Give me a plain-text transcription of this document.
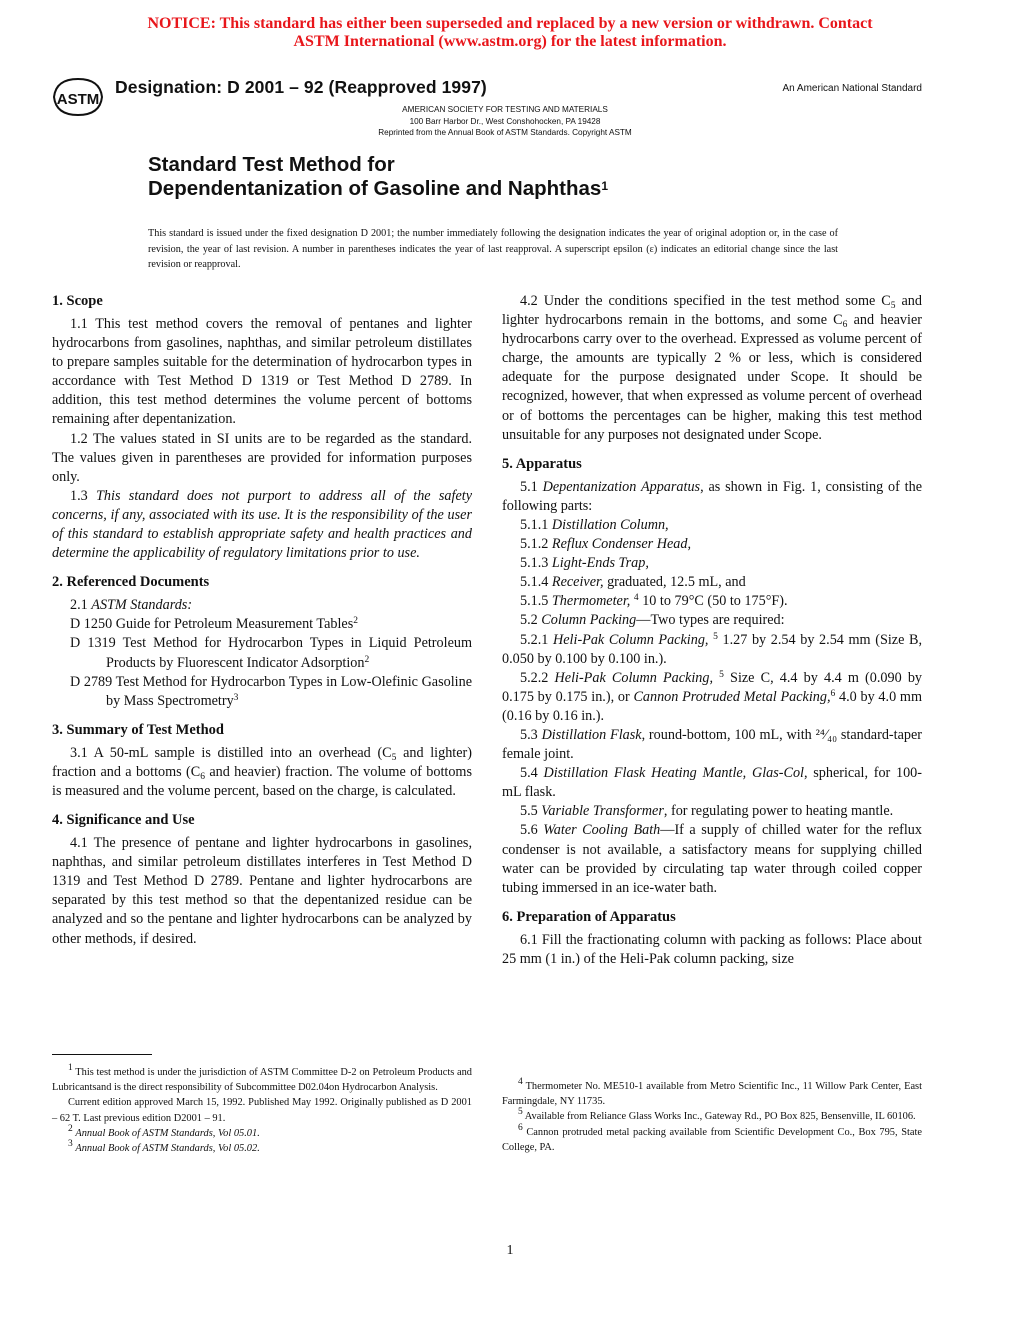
NOTICE: This standard has either been superseded and replaced by a new version or withdrawn. Contact
ASTM International (www.astm.org) for the latest information.
ASTM
Designation: D 2001 – 92 (Reapproved 1997)	An American National Standard
AMERICAN SOCIETY FOR TESTING AND MATERIALS
100 Barr Harbor Dr., West Conshohocken, PA 19428
Reprinted from the Annual Book of ASTM Standards. Copyright ASTM
Standard Test Method for
Dependentanization of Gasoline and Naphthas$^1$
This standard is issued under the fixed designation D 2001; the number immediately following the designation indicates the year of original adoption or, in the case of revision, the year of last revision. A number in parentheses indicates the year of last reapproval. A superscript epsilon (ε) indicates an editorial change since the last revision or reapproval.
1. Scope

1.1 This test method covers the removal of pentanes and lighter hydrocarbons from gasolines, naphthas, and similar petroleum distillates to prepare samples suitable for the determination of hydrocarbon types in accordance with Test Method D 1319 or Test Method D 2789. In addition, this test method determines the volume percent of bottoms remaining after depentanization.

1.2 The values stated in SI units are to be regarded as the standard. The values given in parentheses are provided for information purposes only.

1.3 This standard does not purport to address all of the safety concerns, if any, associated with its use. It is the responsibility of the user of this standard to establish appropriate safety and health practices and determine the applicability of regulatory limitations prior to use.

2. Referenced Documents

2.1 ASTM Standards:

D 1250 Guide for Petroleum Measurement Tables$^2$

D 1319 Test Method for Hydrocarbon Types in Liquid Petroleum Products by Fluorescent Indicator Adsorption$^2$

D 2789 Test Method for Hydrocarbon Types in Low-Olefinic Gasoline by Mass Spectrometry$^3$

3. Summary of Test Method

3.1 A 50-mL sample is distilled into an overhead ($C_5$ and lighter) fraction and a bottoms ($C_6$ and heavier) fraction. The volume of bottoms is measured and the volume percent, based on the charge, is calculated.

4. Significance and Use

4.1 The presence of pentane and lighter hydrocarbons in gasolines, naphthas, and similar petroleum distillates interferes in Test Method D 1319 and Test Method D 2789. Pentane and lighter hydrocarbons are separated by this test method so that the depentanized residue can be analyzed and so the pentane and lighter hydrocarbons can be analyzed by other methods, if desired.

4.2 Under the conditions specified in the test method some $C_5$ and lighter hydrocarbons remain in the bottoms, and some $C_6$ and heavier hydrocarbons carry over to the overhead. Expressed as volume percent of charge, the amounts are typically 2 % or less, which is considered adequate for the purpose designated under Scope. It should be recognized, however, that when expressed as volume percent of overhead or of bottoms the percentages can be higher, making this test method unsuitable for any purposes not designated under Scope.

5. Apparatus

5.1 Depentanization Apparatus, as shown in Fig. 1, consisting of the following parts:

5.1.1 Distillation Column,

5.1.2 Reflux Condenser Head,

5.1.3 Light-Ends Trap,

5.1.4 Receiver, graduated, 12.5 mL, and

5.1.5 Thermometer, $^4$ 10 to 79°C (50 to 175°F).

5.2 Column Packing—Two types are required:

5.2.1 Heli-Pak Column Packing, $^5$ 1.27 by 2.54 by 2.54 mm (Size B, 0.050 by 0.100 by 0.100 in.).

5.2.2 Heli-Pak Column Packing, $^5$ Size C, 4.4 by 4.4 m (0.090 by 0.175 by 0.175 in.), or Cannon Protruded Metal Packing,$^6$ 4.0 by 4.0 mm (0.16 by 0.16 in.).

5.3 Distillation Flask, round-bottom, 100 mL, with ²⁴⁄₄₀ standard-taper female joint.

5.4 Distillation Flask Heating Mantle, Glas-Col, spherical, for 100-mL flask.

5.5 Variable Transformer, for regulating power to heating mantle.

5.6 Water Cooling Bath—If a supply of chilled water for the reflux condenser is not available, a satisfactory means for supplying chilled water can be provided by circulating tap water through coiled copper tubing immersed in an ice-water bath.

6. Preparation of Apparatus

6.1 Fill the fractionating column with packing as follows: Place about 25 mm (1 in.) of the Heli-Pak column packing, size

$^1$ This test method is under the jurisdiction of ASTM Committee D-2 on Petroleum Products and Lubricantsand is the direct responsibility of Subcommittee D02.04on Hydrocarbon Analysis.

Current edition approved March 15, 1992. Published May 1992. Originally published as D 2001 – 62 T. Last previous edition D2001 – 91.

$^2$ Annual Book of ASTM Standards, Vol 05.01.

$^3$ Annual Book of ASTM Standards, Vol 05.02.

$^4$ Thermometer No. ME510-1 available from Metro Scientific Inc., 11 Willow Park Center, East Farmingdale, NY 11735.

$^5$ Available from Reliance Glass Works Inc., Gateway Rd., PO Box 825, Bensenville, IL 60106.

$^6$ Cannon protruded metal packing available from Scientific Development Co., Box 795, State College, PA.

1
